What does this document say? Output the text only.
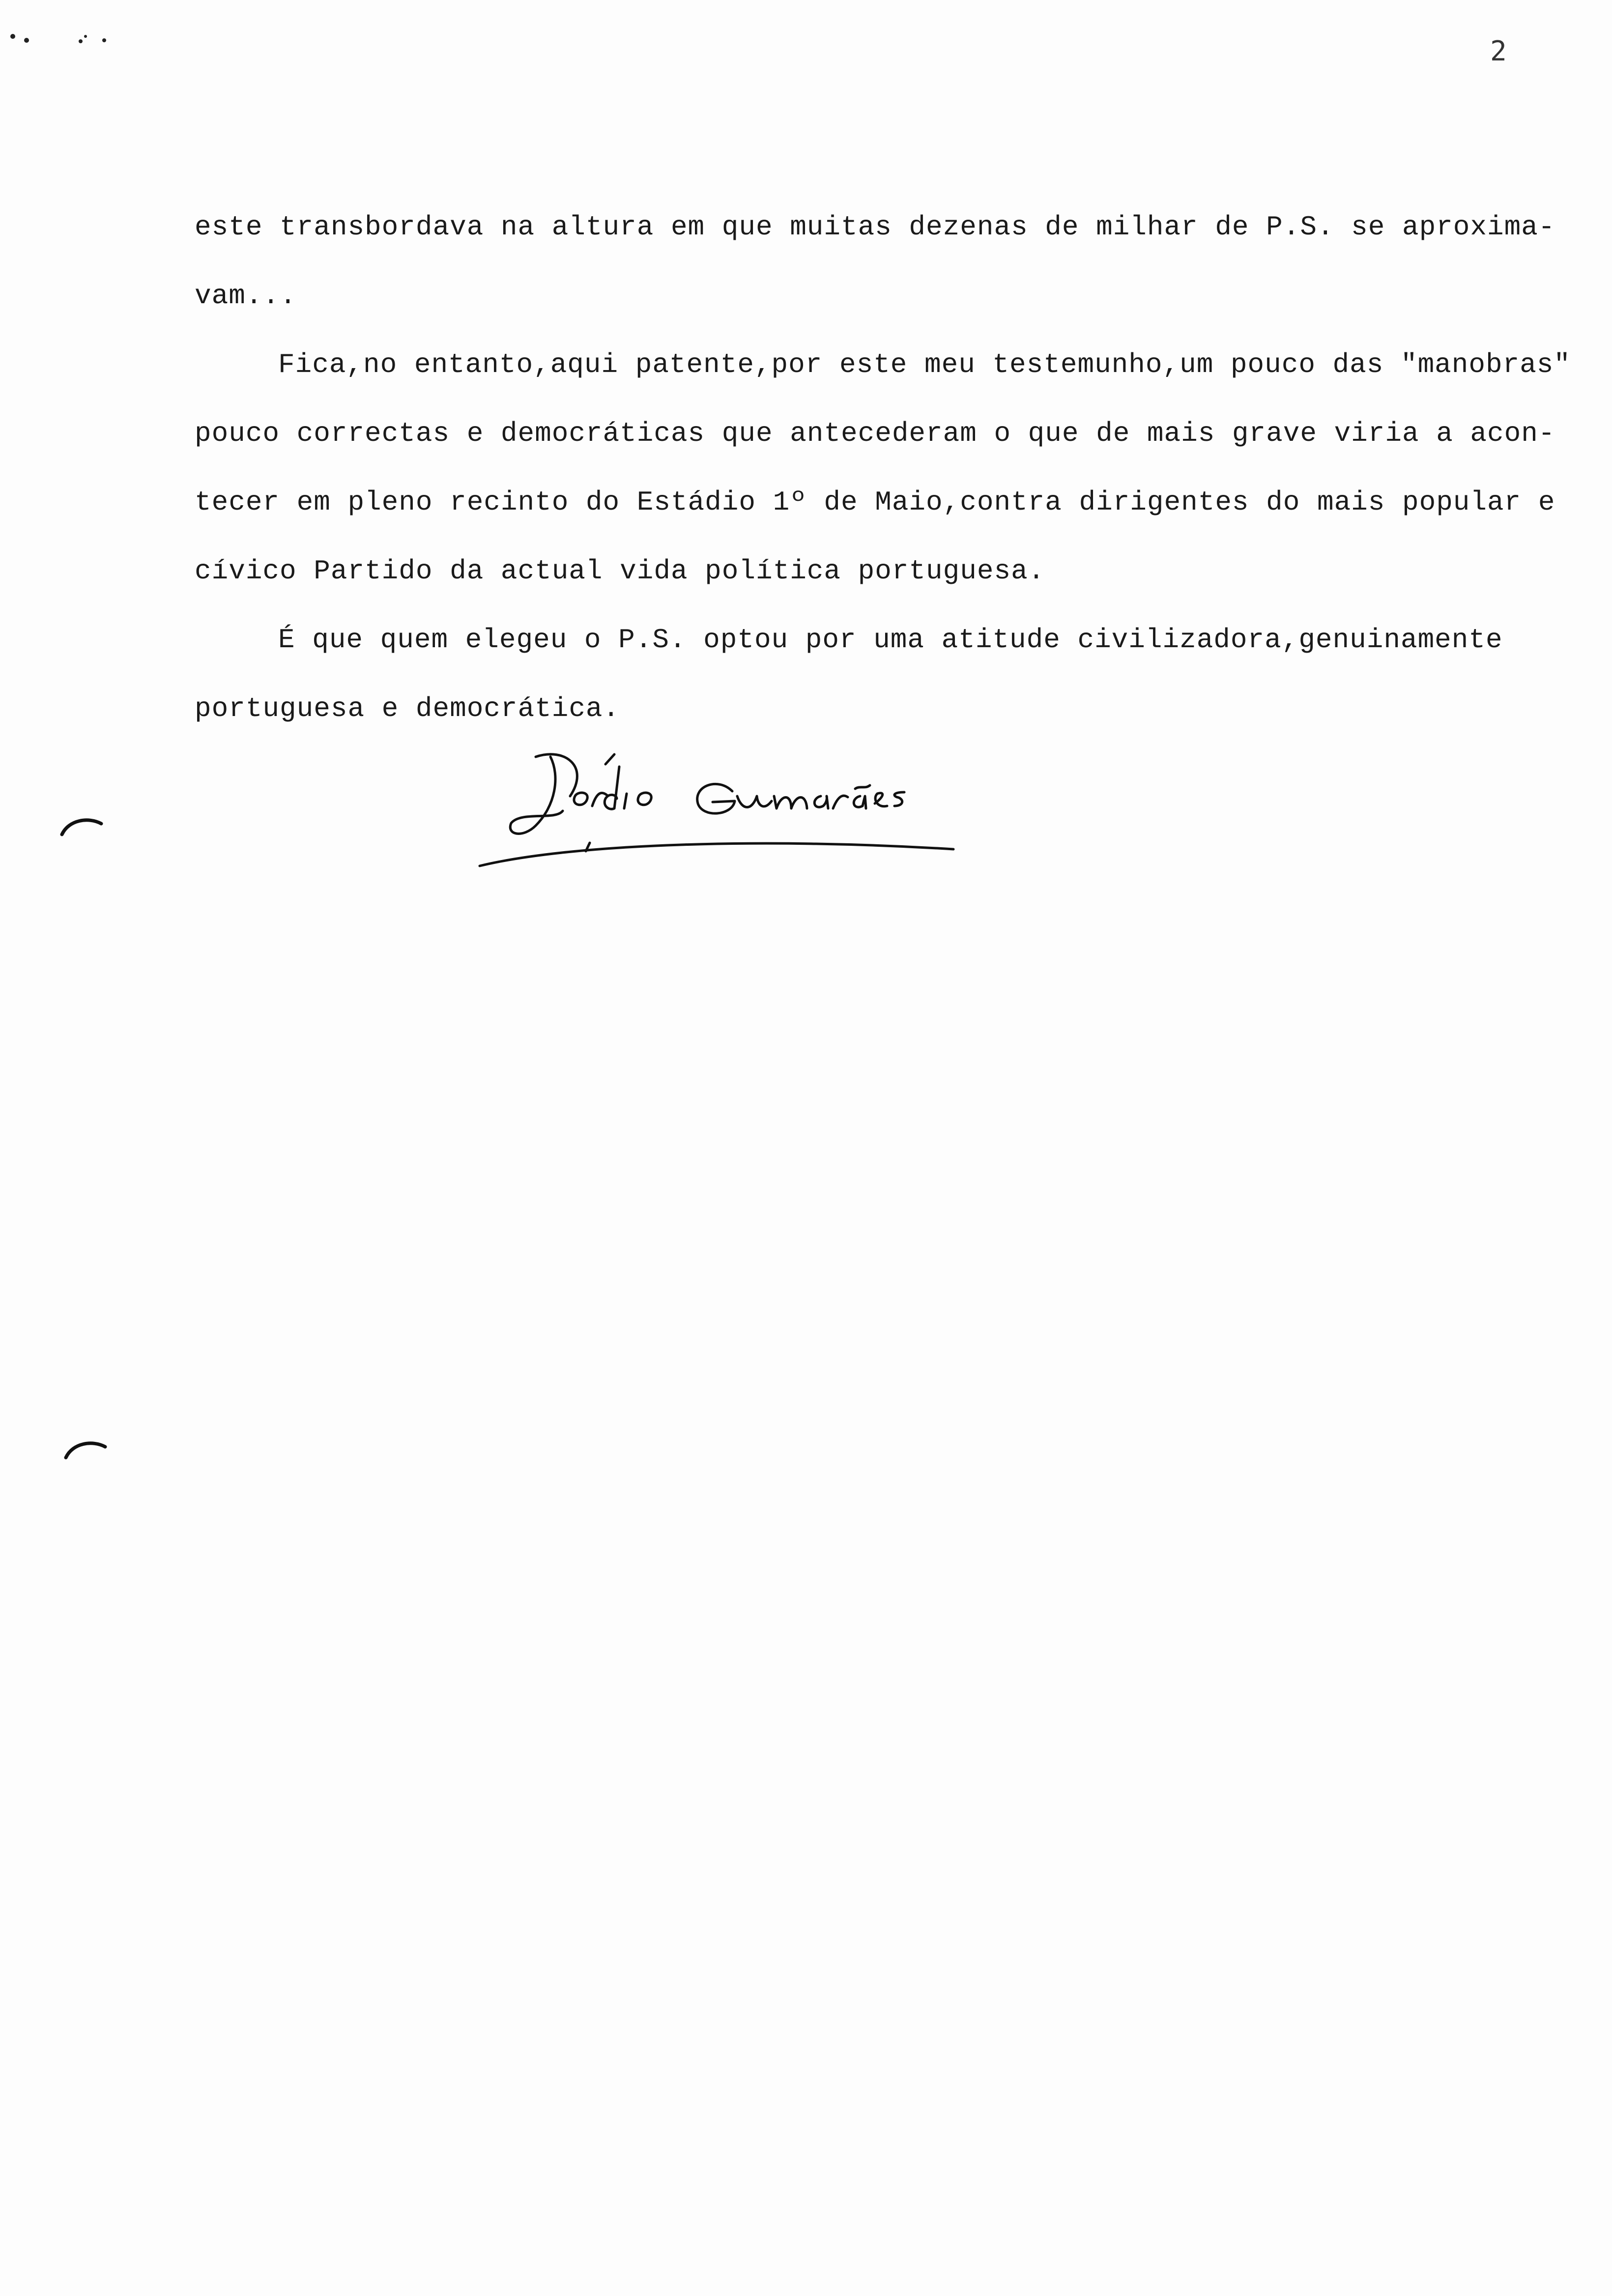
2
este transbordava na altura em que muitas dezenas de milhar de P.S. se aproxima-
vam...
Fica,no entanto,aqui patente,por este meu testemunho,um pouco das "manobras"
pouco correctas e democráticas que antecederam o que de mais grave viria a acon-
tecer em pleno recinto do Estádio 1º de Maio,contra dirigentes do mais popular e
cívico Partido da actual vida política portuguesa.
É que quem elegeu o P.S. optou por uma atitude civilizadora,genuinamente
portuguesa e democrática.
